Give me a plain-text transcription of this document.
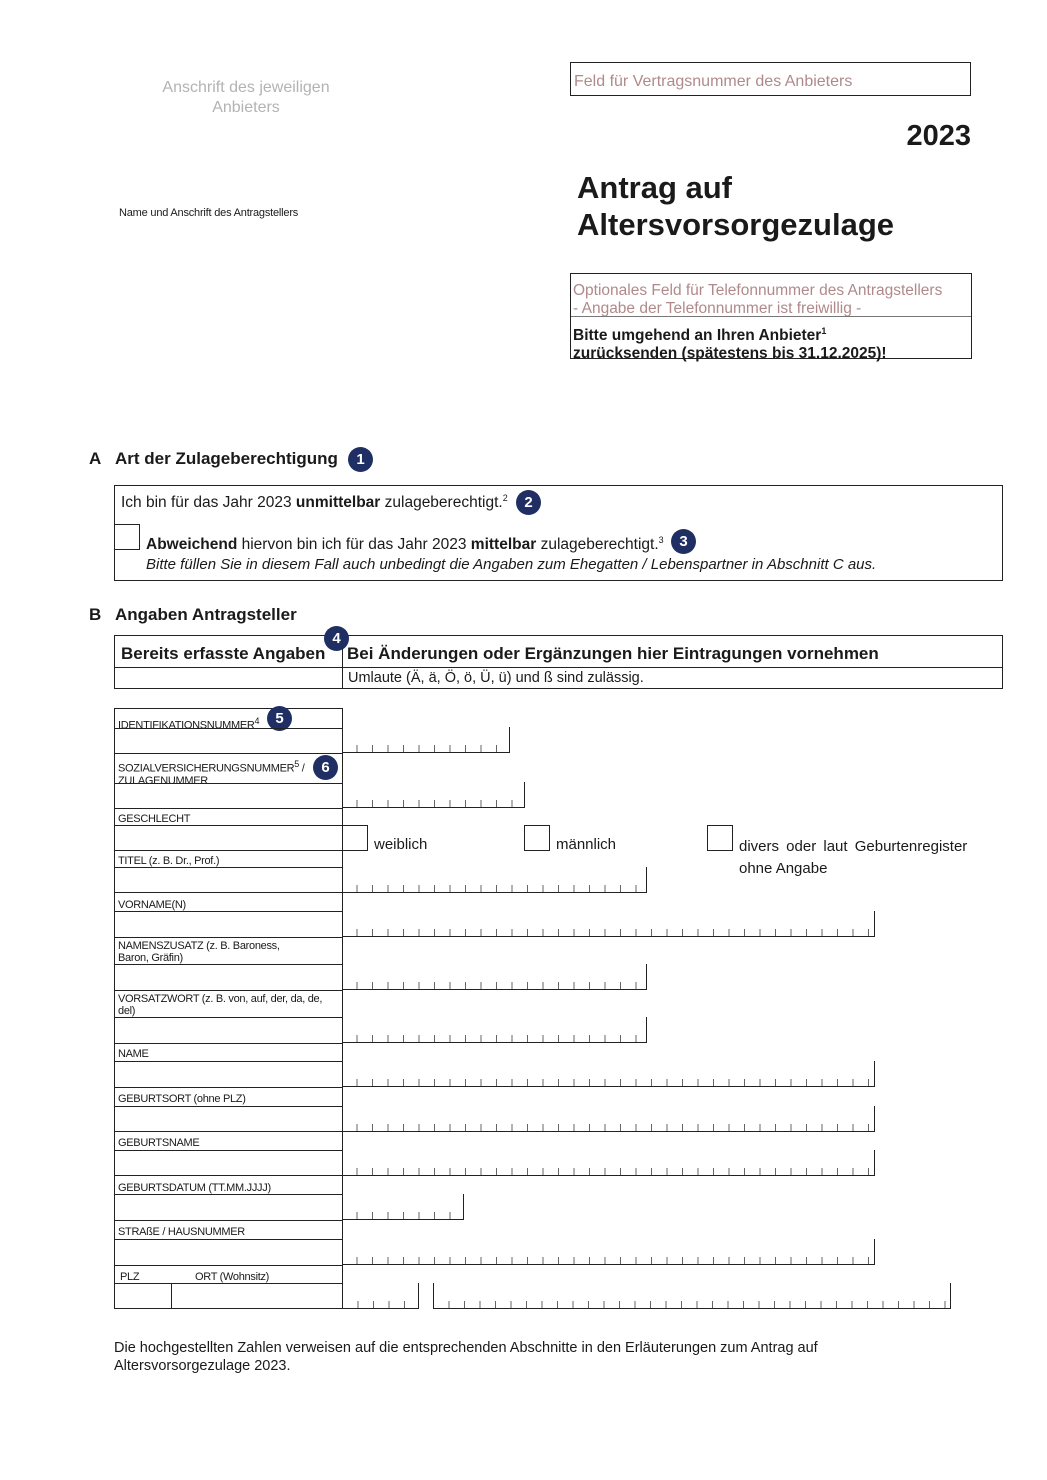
Anschrift des jeweiligen Anbieters
Name und Anschrift des Antragstellers
Feld für Vertragsnummer des Anbieters
2023
Antrag auf
Altersvorsorgezulage
Optionales Feld für Telefonnummer des Antragstellers
- Angabe der Telefonnummer ist freiwillig -
Bitte umgehend an Ihren Anbieter$^1$
zurücksenden (spätestens bis 31.12.2025)!
A Art der Zulageberechtigung	1
Ich bin für das Jahr 2023 unmittelbar zulageberechtigt.$^2$	2
Abweichend hiervon bin ich für das Jahr 2023 mittelbar zulageberechtigt.$^3$	3
Bitte füllen Sie in diesem Fall auch unbedingt die Angaben zum Ehegatten / Lebenspartner in Abschnitt C aus.
B Angaben Antragsteller
Bereits erfasste Angaben Bei Änderungen oder Ergänzungen hier Eintragungen vornehmen
Umlaute (Ä, ä, Ö, ö, Ü, ü) und ß sind zulässig.
4
IDENTIFIKATIONSNUMMER$^4$	5
SOZIALVERSICHERUNGSNUMMER$^5$ /
ZULAGENUMMER
6
GESCHLECHT
weiblich	männlich	divers oder laut Geburtenregister
ohne Angabe
TITEL (z. B. Dr., Prof.)
VORNAME(N)
NAMENSZUSATZ (z. B. Baroness,
Baron, Gräfin)
VORSATZWORT (z. B. von, auf, der, da, de,
del)
NAME
GEBURTSORT (ohne PLZ)
GEBURTSNAME
GEBURTSDATUM (TT.MM.JJJJ)
STRAßE / HAUSNUMMER
PLZ	ORT (Wohnsitz)
Die hochgestellten Zahlen verweisen auf die entsprechenden Abschnitte in den Erläuterungen zum Antrag auf
Altersvorsorgezulage 2023.
